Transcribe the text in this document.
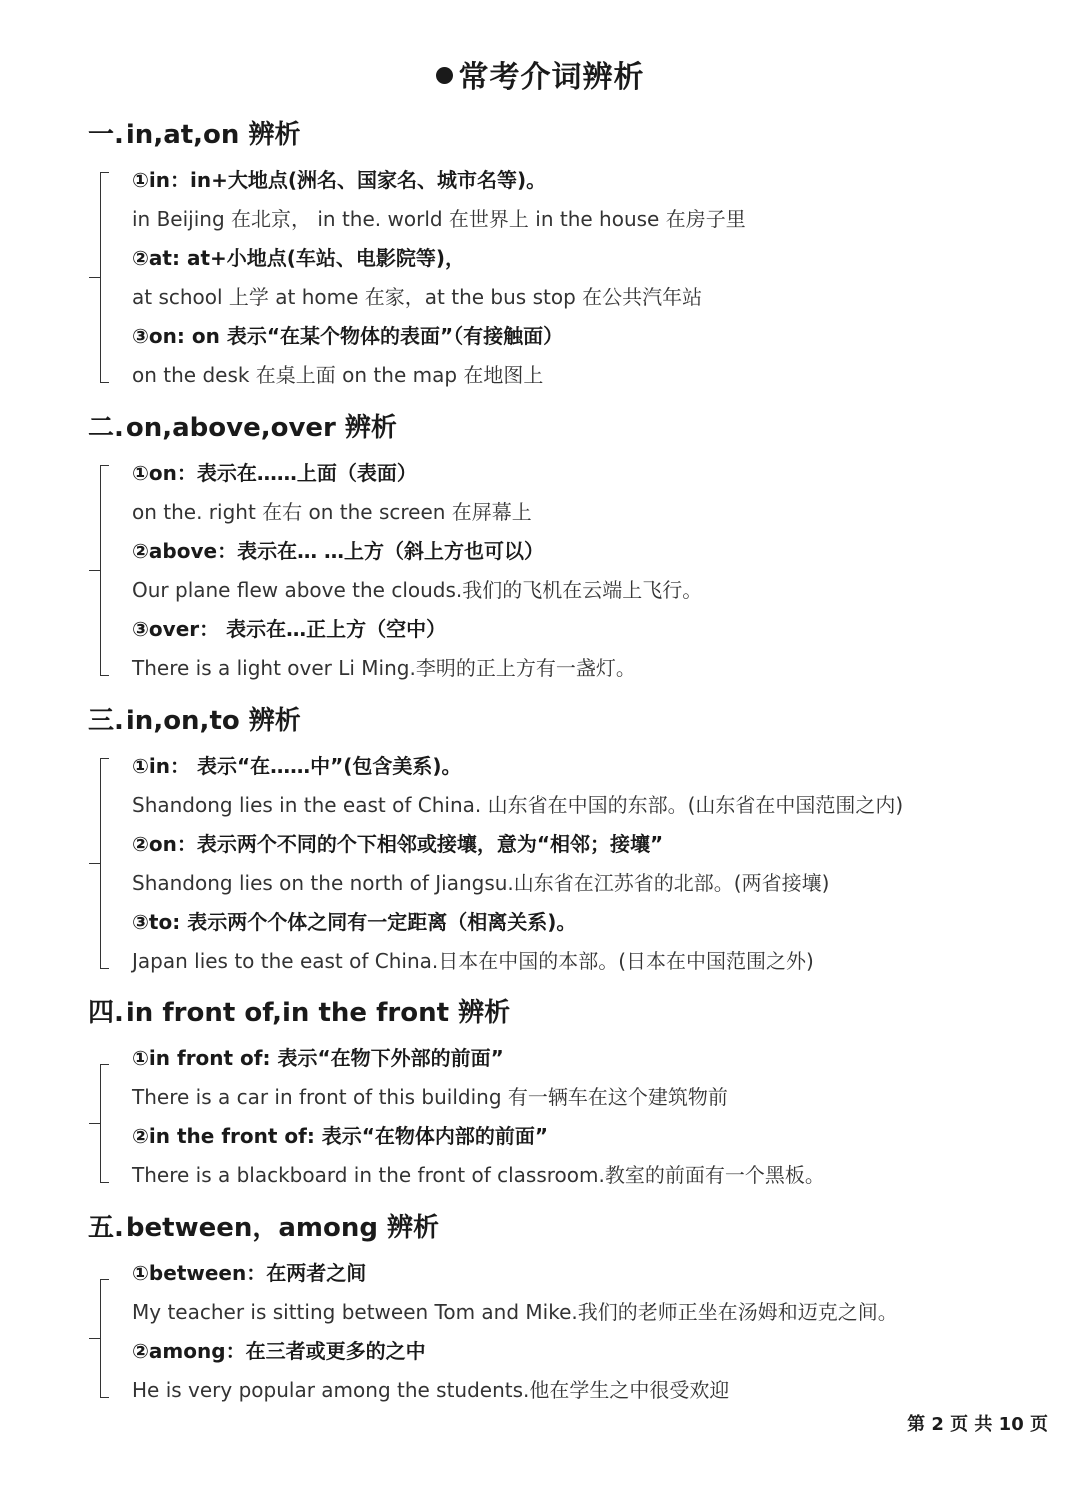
常考介词辨析
一.in,at,on 辨析
①in：in+大地点(洲名、国家名、城市名等)。
in Beijing 在北京， in the. world 在世界上 in the house 在房子里
②at: at+小地点(车站、电影院等)，
at school 上学 at home 在家，at the bus stop 在公共汽年站
③on: on 表示“在某个物体的表面”（有接触面）
on the desk 在桌上面 on the map 在地图上
二.on,above,over 辨析
①on：表示在……上面（表面）
on the. right 在右 on the screen 在屏幕上
②above：表示在… …上方（斜上方也可以）
Our plane flew above the clouds.我们的飞机在云端上飞行。
③over： 表示在…正上方（空中）
There is a light over Li Ming.李明的正上方有一盏灯。
三.in,on,to 辨析
①in： 表示“在……中”(包含美系)。
Shandong lies in the east of China. 山东省在中国的东部。(山东省在中国范围之内)
②on：表示两个不同的个下相邻或接壤，意为“相邻；接壤”
Shandong lies on the north of Jiangsu.山东省在江苏省的北部。(两省接壤)
③to: 表示两个个体之同有一定距离（相离关系)。
Japan lies to the east of China.日本在中国的本部。(日本在中国范围之外)
四.in front of,in the front 辨析
①in front of: 表示“在物下外部的前面”
There is a car in front of this building 有一辆车在这个建筑物前
②in the front of: 表示“在物体内部的前面”
There is a blackboard in the front of classroom.教室的前面有一个黑板。
五.between，among 辨析
①between：在两者之间
My teacher is sitting between Tom and Mike.我们的老师正坐在汤姆和迈克之间。
②among：在三者或更多的之中
He is very popular among the students.他在学生之中很受欢迎
第 2 页 共 10 页
